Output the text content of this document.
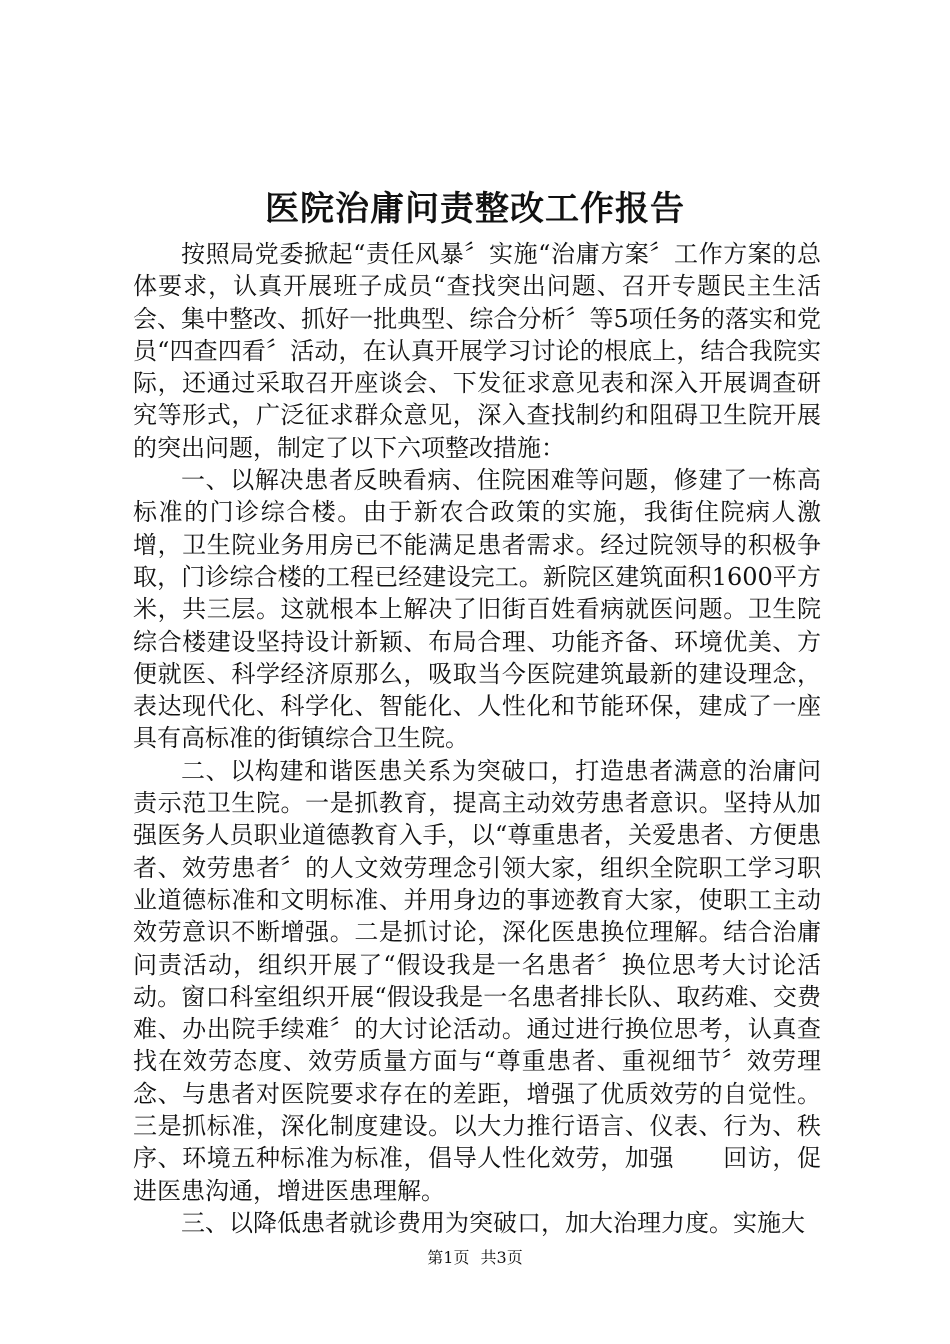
医院治庸问责整改工作报告

按照局党委掀起“责任风暴〞实施“治庸方案〞工作方案的总体要求，认真开展班子成员“查找突出问题、召开专题民主生活会、集中整改、抓好一批典型、综合分析〞等5项任务的落实和党员“四查四看〞活动，在认真开展学习讨论的根底上，结合我院实际，还通过采取召开座谈会、下发征求意见表和深入开展调查研究等形式，广泛征求群众意见，深入查找制约和阻碍卫生院开展的突出问题，制定了以下六项整改措施：

一、以解决患者反映看病、住院困难等问题，修建了一栋高标准的门诊综合楼。由于新农合政策的实施，我街住院病人激增，卫生院业务用房已不能满足患者需求。经过院领导的积极争取，门诊综合楼的工程已经建设完工。新院区建筑面积1600平方米，共三层。这就根本上解决了旧街百姓看病就医问题。卫生院综合楼建设坚持设计新颖、布局合理、功能齐备、环境优美、方便就医、科学经济原那么，吸取当今医院建筑最新的建设理念，表达现代化、科学化、智能化、人性化和节能环保，建成了一座具有高标准的街镇综合卫生院。

二、以构建和谐医患关系为突破口，打造患者满意的治庸问责示范卫生院。一是抓教育，提高主动效劳患者意识。坚持从加强医务人员职业道德教育入手，以“尊重患者，关爱患者、方便患者、效劳患者〞的人文效劳理念引领大家，组织全院职工学习职业道德标准和文明标准、并用身边的事迹教育大家，使职工主动效劳意识不断增强。二是抓讨论，深化医患换位理解。结合治庸问责活动，组织开展了“假设我是一名患者〞换位思考大讨论活动。窗口科室组织开展“假设我是一名患者排长队、取药难、交费难、办出院手续难〞的大讨论活动。通过进行换位思考，认真查找在效劳态度、效劳质量方面与“尊重患者、重视细节〞效劳理念、与患者对医院要求存在的差距，增强了优质效劳的自觉性。三是抓标准，深化制度建设。以大力推行语言、仪表、行为、秩序、环境五种标准为标准，倡导人性化效劳，加强　　回访，促进医患沟通，增进医患理解。

三、以降低患者就诊费用为突破口，加大治理力度。实施大

第1页 共3页
